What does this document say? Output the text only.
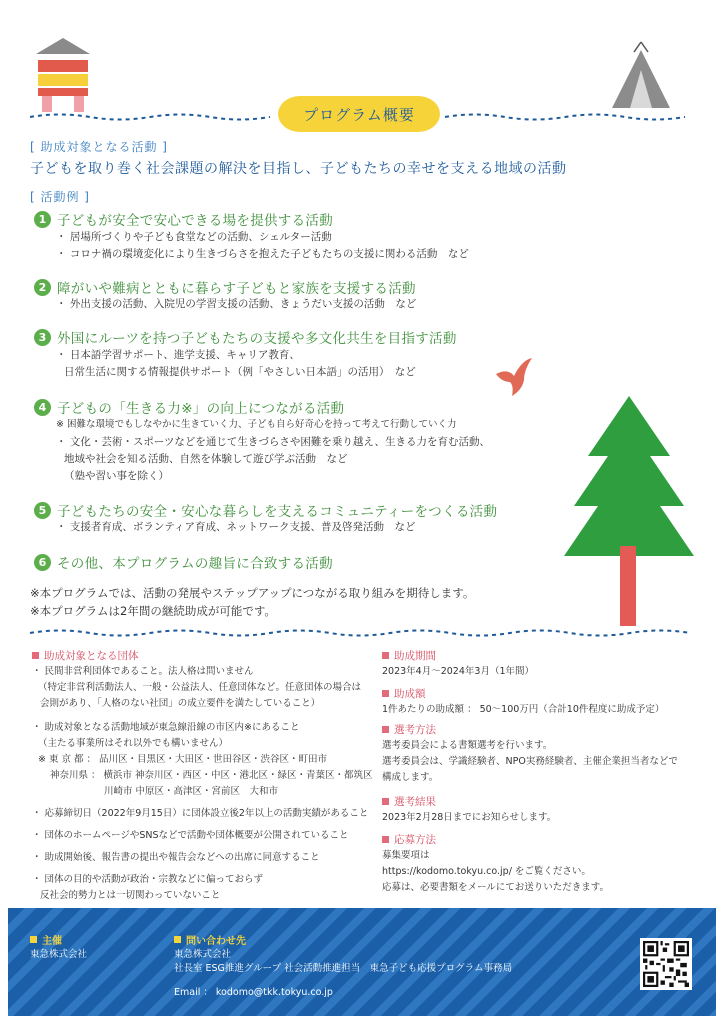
プログラム概要
[ 助成対象となる活動 ]
子どもを取り巻く社会課題の解決を目指し、子どもたちの幸せを支える地域の活動
[ 活動例 ]
1 子どもが安全で安心できる場を提供する活動
・ 居場所づくりや子ども食堂などの活動、シェルター活動
・ コロナ禍の環境変化により生きづらさを抱えた子どもたちの支援に関わる活動　など
2 障がいや難病とともに暮らす子どもと家族を支援する活動
・ 外出支援の活動、入院児の学習支援の活動、きょうだい支援の活動　など
3 外国にルーツを持つ子どもたちの支援や多文化共生を目指す活動
・ 日本語学習サポート、進学支援、キャリア教育、
日常生活に関する情報提供サポート（例「やさしい日本語」の活用）　など
4 子どもの「生きる力※」の向上につながる活動
※ 困難な環境でもしなやかに生きていく力、子ども自ら好奇心を持って考えて行動していく力
・ 文化・芸術・スポーツなどを通じて生きづらさや困難を乗り越え、生きる力を育む活動、
地域や社会を知る活動、自然を体験して遊び学ぶ活動　など
（塾や習い事を除く）
5 子どもたちの安全・安心な暮らしを支えるコミュニティーをつくる活動
・ 支援者育成、ボランティア育成、ネットワーク支援、普及啓発活動　など
6 その他、本プログラムの趣旨に合致する活動
※本プログラムでは、活動の発展やステップアップにつながる取り組みを期待します。
※本プログラムは2年間の継続助成が可能です。
助成対象となる団体
・ 民間非営利団体であること。法人格は問いません
（特定非営利活動法人、一般・公益法人、任意団体など。任意団体の場合は
会則があり、「人格のない社団」の成立要件を満たしていること）
・ 助成対象となる活動地域が東急線沿線の市区内※にあること
（主たる事業所はそれ以外でも構いません）
※ 東 京 都 ： 品川区・目黒区・大田区・世田谷区・渋谷区・町田市
神奈川県 ： 横浜市 神奈川区・西区・中区・港北区・緑区・青葉区・都筑区
川崎市 中原区・高津区・宮前区　大和市
・ 応募締切日（2022年9月15日）に団体設立後2年以上の活動実績があること
・ 団体のホームページやSNSなどで活動や団体概要が公開されていること
・ 助成開始後、報告書の提出や報告会などへの出席に同意すること
・ 団体の目的や活動が政治・宗教などに偏っておらず
反社会的勢力とは一切関わっていないこと
助成期間
2023年4月～2024年3月（1年間）
助成額
1件あたりの助成額 ： 50～100万円（合計10件程度に助成予定）
選考方法
選考委員会による書類選考を行います。
選考委員会は、学識経験者、NPO実務経験者、主催企業担当者などで
構成します。
選考結果
2023年2月28日までにお知らせします。
応募方法
募集要項は
https://kodomo.tokyu.co.jp/ をご覧ください。
応募は、必要書類をメールにてお送りいただきます。
主催
東急株式会社
問い合わせ先
東急株式会社
社長室 ESG推進グループ 社会活動推進担当　東急子ども応援プログラム事務局
Email ： kodomo@tkk.tokyu.co.jp
